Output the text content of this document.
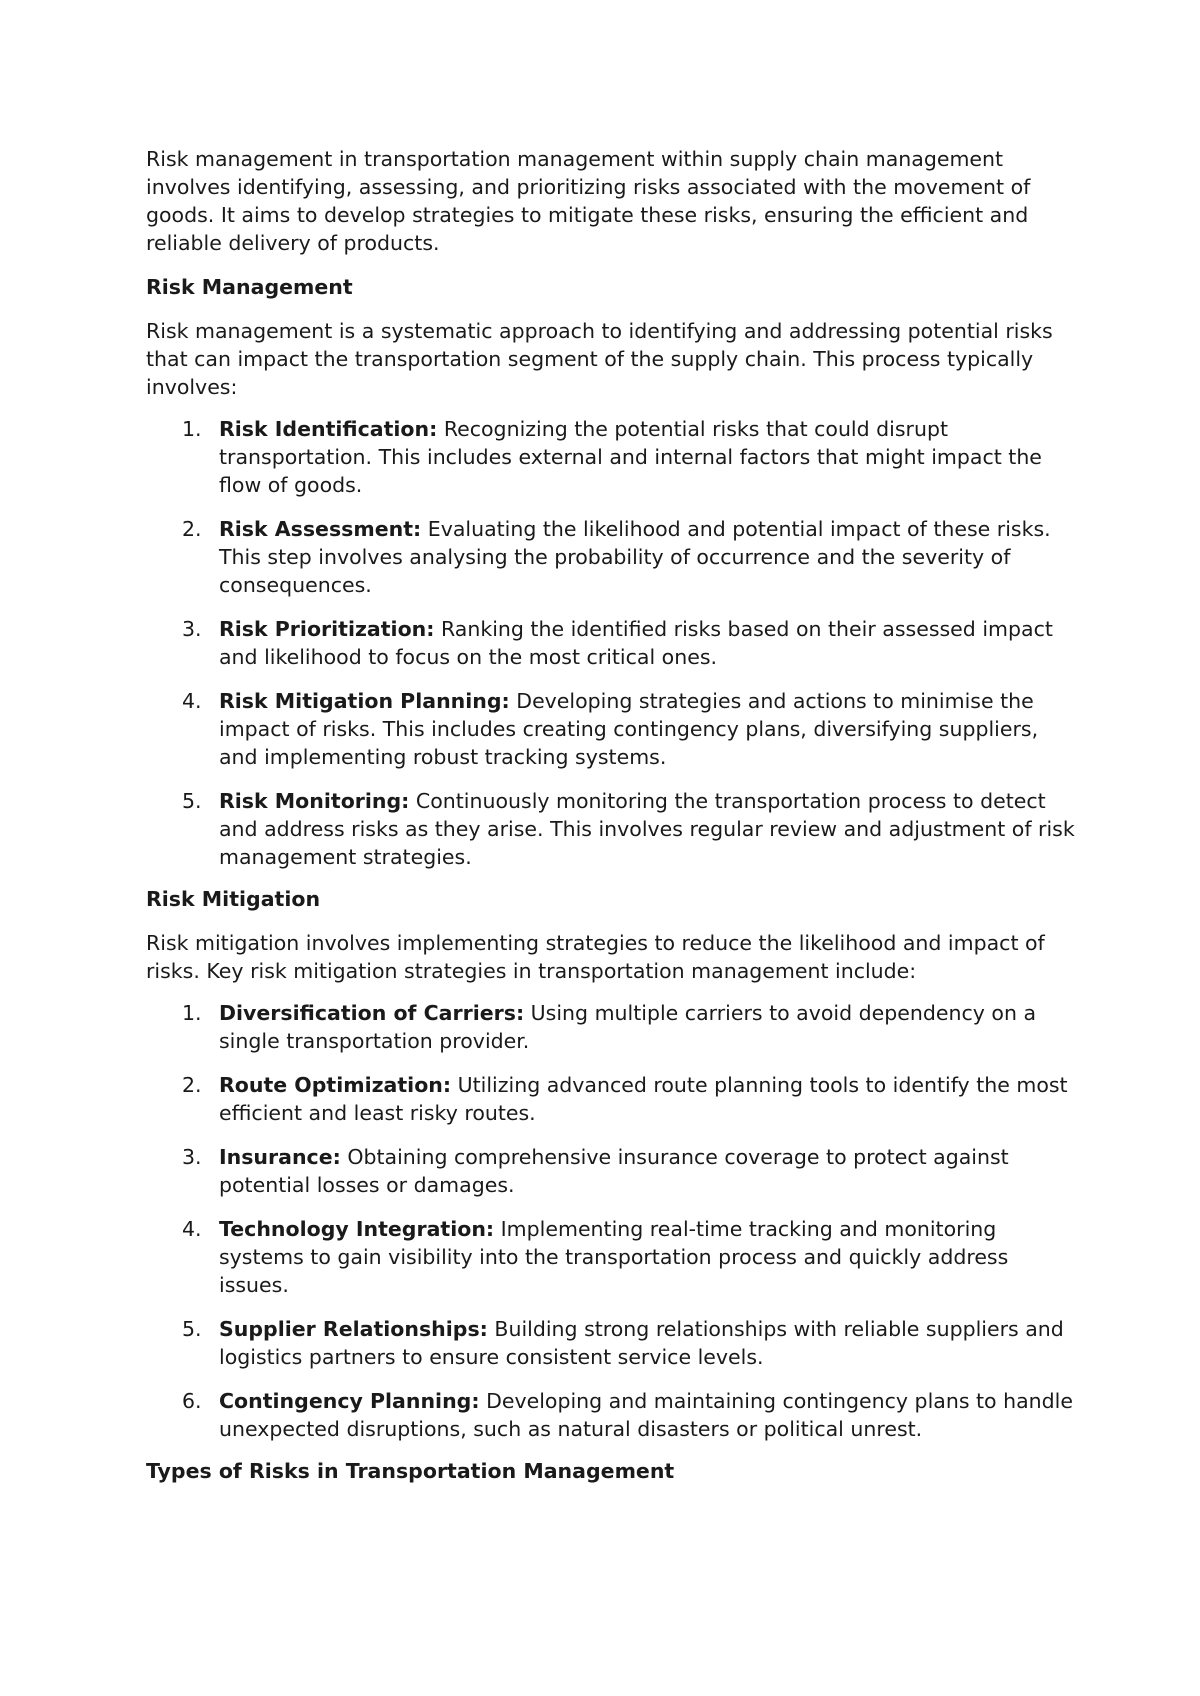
Risk management in transportation management within supply chain management involves identifying, assessing, and prioritizing risks associated with the movement of goods. It aims to develop strategies to mitigate these risks, ensuring the efficient and reliable delivery of products.

Risk Management

Risk management is a systematic approach to identifying and addressing potential risks that can impact the transportation segment of the supply chain. This process typically involves:

1. Risk Identification: Recognizing the potential risks that could disrupt transportation. This includes external and internal factors that might impact the flow of goods.
2. Risk Assessment: Evaluating the likelihood and potential impact of these risks. This step involves analysing the probability of occurrence and the severity of consequences.
3. Risk Prioritization: Ranking the identified risks based on their assessed impact and likelihood to focus on the most critical ones.
4. Risk Mitigation Planning: Developing strategies and actions to minimise the impact of risks. This includes creating contingency plans, diversifying suppliers, and implementing robust tracking systems.
5. Risk Monitoring: Continuously monitoring the transportation process to detect and address risks as they arise. This involves regular review and adjustment of risk management strategies.
Risk Mitigation

Risk mitigation involves implementing strategies to reduce the likelihood and impact of risks. Key risk mitigation strategies in transportation management include:

1. Diversification of Carriers: Using multiple carriers to avoid dependency on a single transportation provider.
2. Route Optimization: Utilizing advanced route planning tools to identify the most efficient and least risky routes.
3. Insurance: Obtaining comprehensive insurance coverage to protect against potential losses or damages.
4. Technology Integration: Implementing real-time tracking and monitoring systems to gain visibility into the transportation process and quickly address issues.
5. Supplier Relationships: Building strong relationships with reliable suppliers and logistics partners to ensure consistent service levels.
6. Contingency Planning: Developing and maintaining contingency plans to handle unexpected disruptions, such as natural disasters or political unrest.
Types of Risks in Transportation Management
